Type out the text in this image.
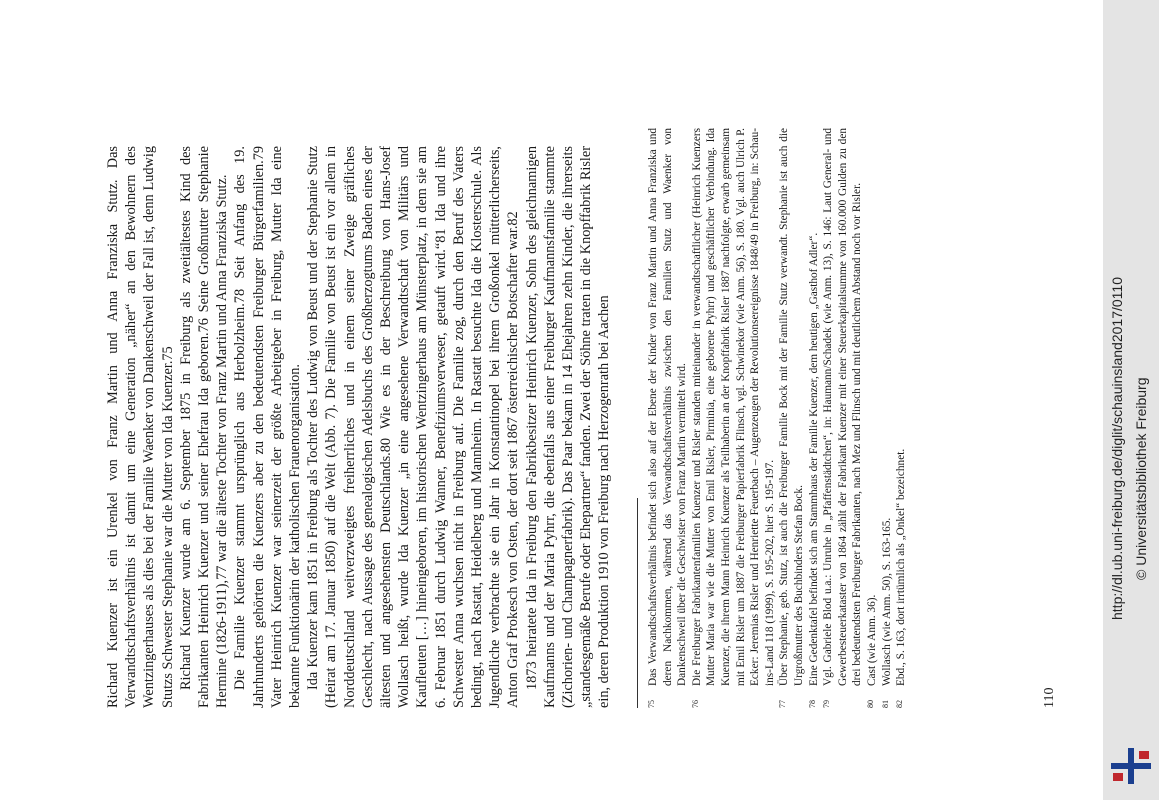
Richard Kuenzer ist ein Urenkel von Franz Martin und Anna Franziska Stutz. Das Verwandtschaftsverhältnis ist damit um eine Generation „näher“ an den Bewohnern des Wentzingerhauses als dies bei der Familie Waenker von Dankenschweil der Fall ist, denn Ludwig Stutzs Schwester Stephanie war die Mutter von Ida Kuenzer.75 Richard Kuenzer wurde am 6. September 1875 in Freiburg als zweitältestes Kind des Fabrikanten Heinrich Kuenzer und seiner Ehefrau Ida geboren.76 Seine Großmutter Stephanie Hermine (1826-1911),77 war die älteste Tochter von Franz Martin und Anna Franziska Stutz. Die Familie Kuenzer stammt ursprünglich aus Herbolzheim.78 Seit Anfang des 19. Jahrhunderts gehörten die Kuenzers aber zu den bedeutendsten Freiburger Bürgerfamilien.79 Vater Heinrich Kuenzer war seinerzeit der größte Arbeitgeber in Freiburg, Mutter Ida eine bekannte Funktionärin der katholischen Frauenorganisation. Ida Kuenzer kam 1851 in Freiburg als Tochter des Ludwig von Beust und der Stephanie Stutz (Heirat am 17. Januar 1850) auf die Welt (Abb. 7). Die Familie von Beust ist ein vor allem in Norddeutschland weitverzweigtes freiherrliches und in einem seiner Zweige gräfliches Geschlecht, nach Aussage des genealogischen Adelsbuchs des Großherzogtums Baden eines der ältesten und angesehensten Deutschlands.80 Wie es in der Beschreibung von Hans-Josef Wollasch heißt, wurde Ida Kuenzer „in eine angesehene Verwandtschaft von Militärs und Kaufleuten […] hineingeboren, im historischen Wentzingerhaus am Münsterplatz, in dem sie am 6. Februar 1851 durch Ludwig Wanner, Benefiziumsverweser, getauft wird.“81 Ida und ihre Schwester Anna wuchsen nicht in Freiburg auf. Die Familie zog, durch den Beruf des Vaters bedingt, nach Rastatt, Heidelberg und Mannheim. In Rastatt besuchte Ida die Klosterschule. Als Jugendliche verbrachte sie ein Jahr in Konstantinopel bei ihrem Großonkel mütterlicherseits, Anton Graf Prokesch von Osten, der dort seit 1867 österreichischer Botschafter war.82 1873 heiratete Ida in Freiburg den Fabrikbesitzer Heinrich Kuenzer, Sohn des gleichnamigen Kaufmanns und der Maria Pyhrr, die ebenfalls aus einer Freiburger Kaufmannsfamilie stammte (Zichorien- und Champagnerfabrik). Das Paar bekam in 14 Ehejahren zehn Kinder, die ihrerseits „standesgemäße Berufe oder Ehepartner“ fanden. Zwei der Söhne traten in die Knopffabrik Risler ein, deren Produktion 1910 von Freiburg nach Herzogenrath bei Aachen	75
Das Verwandtschaftsverhältnis befindet sich also auf der Ebene der Kinder von Franz Martin und Anna Franziska und deren Nachkommen, während das Verwandtschaftsverhältnis zwischen den Familien Stutz und Waenker von Dankenschweil über die Geschwister von Franz Martin vermittelt wird.
76
Die Freiburger Fabrikantenfamilien Kuenzer und Risler standen miteinander in verwandtschaftlicher (Heinrich Kuenzers Mutter Maria war wie die Mutter von Emil Risler, Pirminia, eine geborene Pyhrr) und geschäftlicher Verbindung. Ida Kuenzer, die ihrem Mann Heinrich Kuenzer als Teilhaberin an der Knopffabrik Risler 1887 nachfolgte, erwarb gemeinsam mit Emil Risler um 1887 die Freiburger Papierfabrik Flinsch, vgl. Schwinekor (wie Anm. 56), S. 180. Vgl. auch Ulrich P. Ecker: Jeremias Risler und Henriette Feuerbach – Augenzeugen der Revolutionsereignisse 1848/49 in Freiburg, in: Schau-ins-Land 118 (1999), S. 195-202, hier S. 195-197.
77
Über Stephanie, geb. Stutz, ist auch die Freiburger Familie Bock mit der Familie Stutz verwandt. Stephanie ist auch die Urgroßmutter des Buchbinders Stefan Bock.
78
Eine Gedenktafel befindet sich am Stammhaus der Familie Kuenzer, dem heutigen „Gasthof Adler“.
79
Vgl. Gabriele Blod u.a.: Unruhe in „Pfaffenstädtchen“, in: Haumann/Schadek (wie Anm. 13), S. 146: Laut General- und Gewerbesteuerkataster von 1864 zählt der Fabrikant Kuenzer mit einer Steuerkapitalsumme von 160.000 Gulden zu den drei bedeutendsten Freiburger Fabrikanten, nach Mez und Flinsch und mit deutlichem Abstand noch vor Risler.
80
Cast (wie Anm. 36).
81
Wollasch (wie Anm. 50), S. 163-165.
82
Ebd., S. 163, dort irrtümlich als „Onkel“ bezeichnet.
110
http://dl.ub.uni-freiburg.de/diglit/schauinsland2017/0110 © Universitätsbibliothek Freiburg
